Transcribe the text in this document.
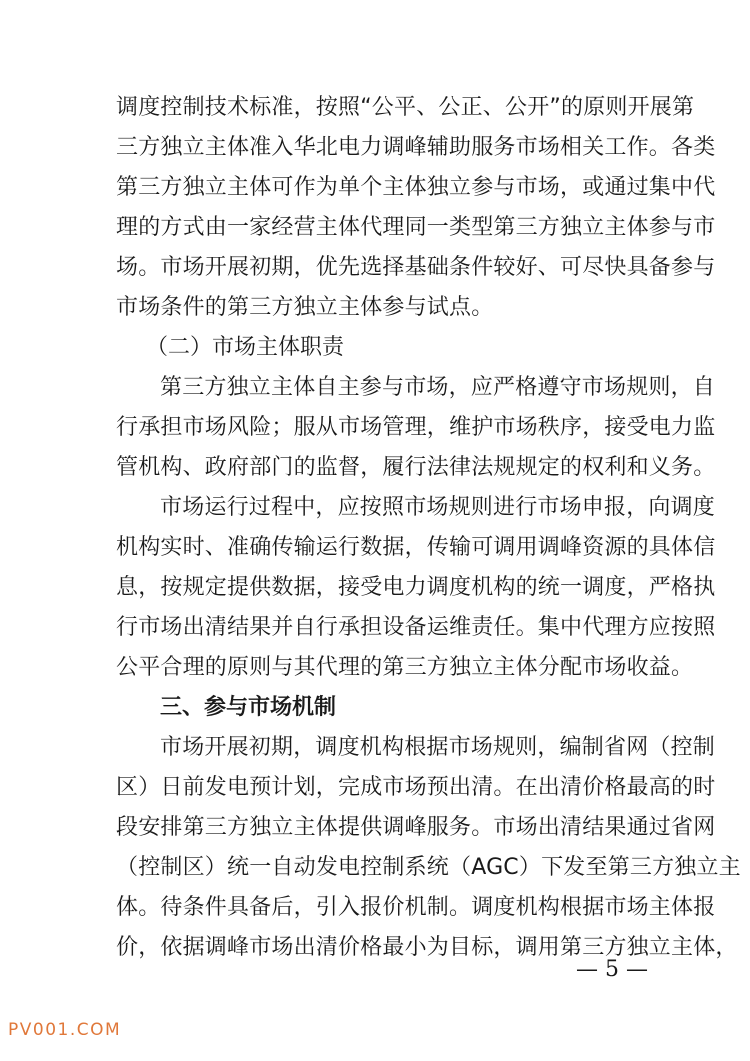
调度控制技术标准，按照“公平、公正、公开”的原则开展第
三方独立主体准入华北电力调峰辅助服务市场相关工作。各类
第三方独立主体可作为单个主体独立参与市场，或通过集中代
理的方式由一家经营主体代理同一类型第三方独立主体参与市
场。市场开展初期，优先选择基础条件较好、可尽快具备参与
市场条件的第三方独立主体参与试点。
（二）市场主体职责
第三方独立主体自主参与市场，应严格遵守市场规则，自
行承担市场风险；服从市场管理，维护市场秩序，接受电力监
管机构、政府部门的监督，履行法律法规规定的权利和义务。
市场运行过程中，应按照市场规则进行市场申报，向调度
机构实时、准确传输运行数据，传输可调用调峰资源的具体信
息，按规定提供数据，接受电力调度机构的统一调度，严格执
行市场出清结果并自行承担设备运维责任。集中代理方应按照
公平合理的原则与其代理的第三方独立主体分配市场收益。
三、参与市场机制
市场开展初期，调度机构根据市场规则，编制省网（控制
区）日前发电预计划，完成市场预出清。在出清价格最高的时
段安排第三方独立主体提供调峰服务。市场出清结果通过省网
（控制区）统一自动发电控制系统（AGC）下发至第三方独立主
体。待条件具备后，引入报价机制。调度机构根据市场主体报
价，依据调峰市场出清价格最小为目标，调用第三方独立主体，
— 5 —
PV001.COM
